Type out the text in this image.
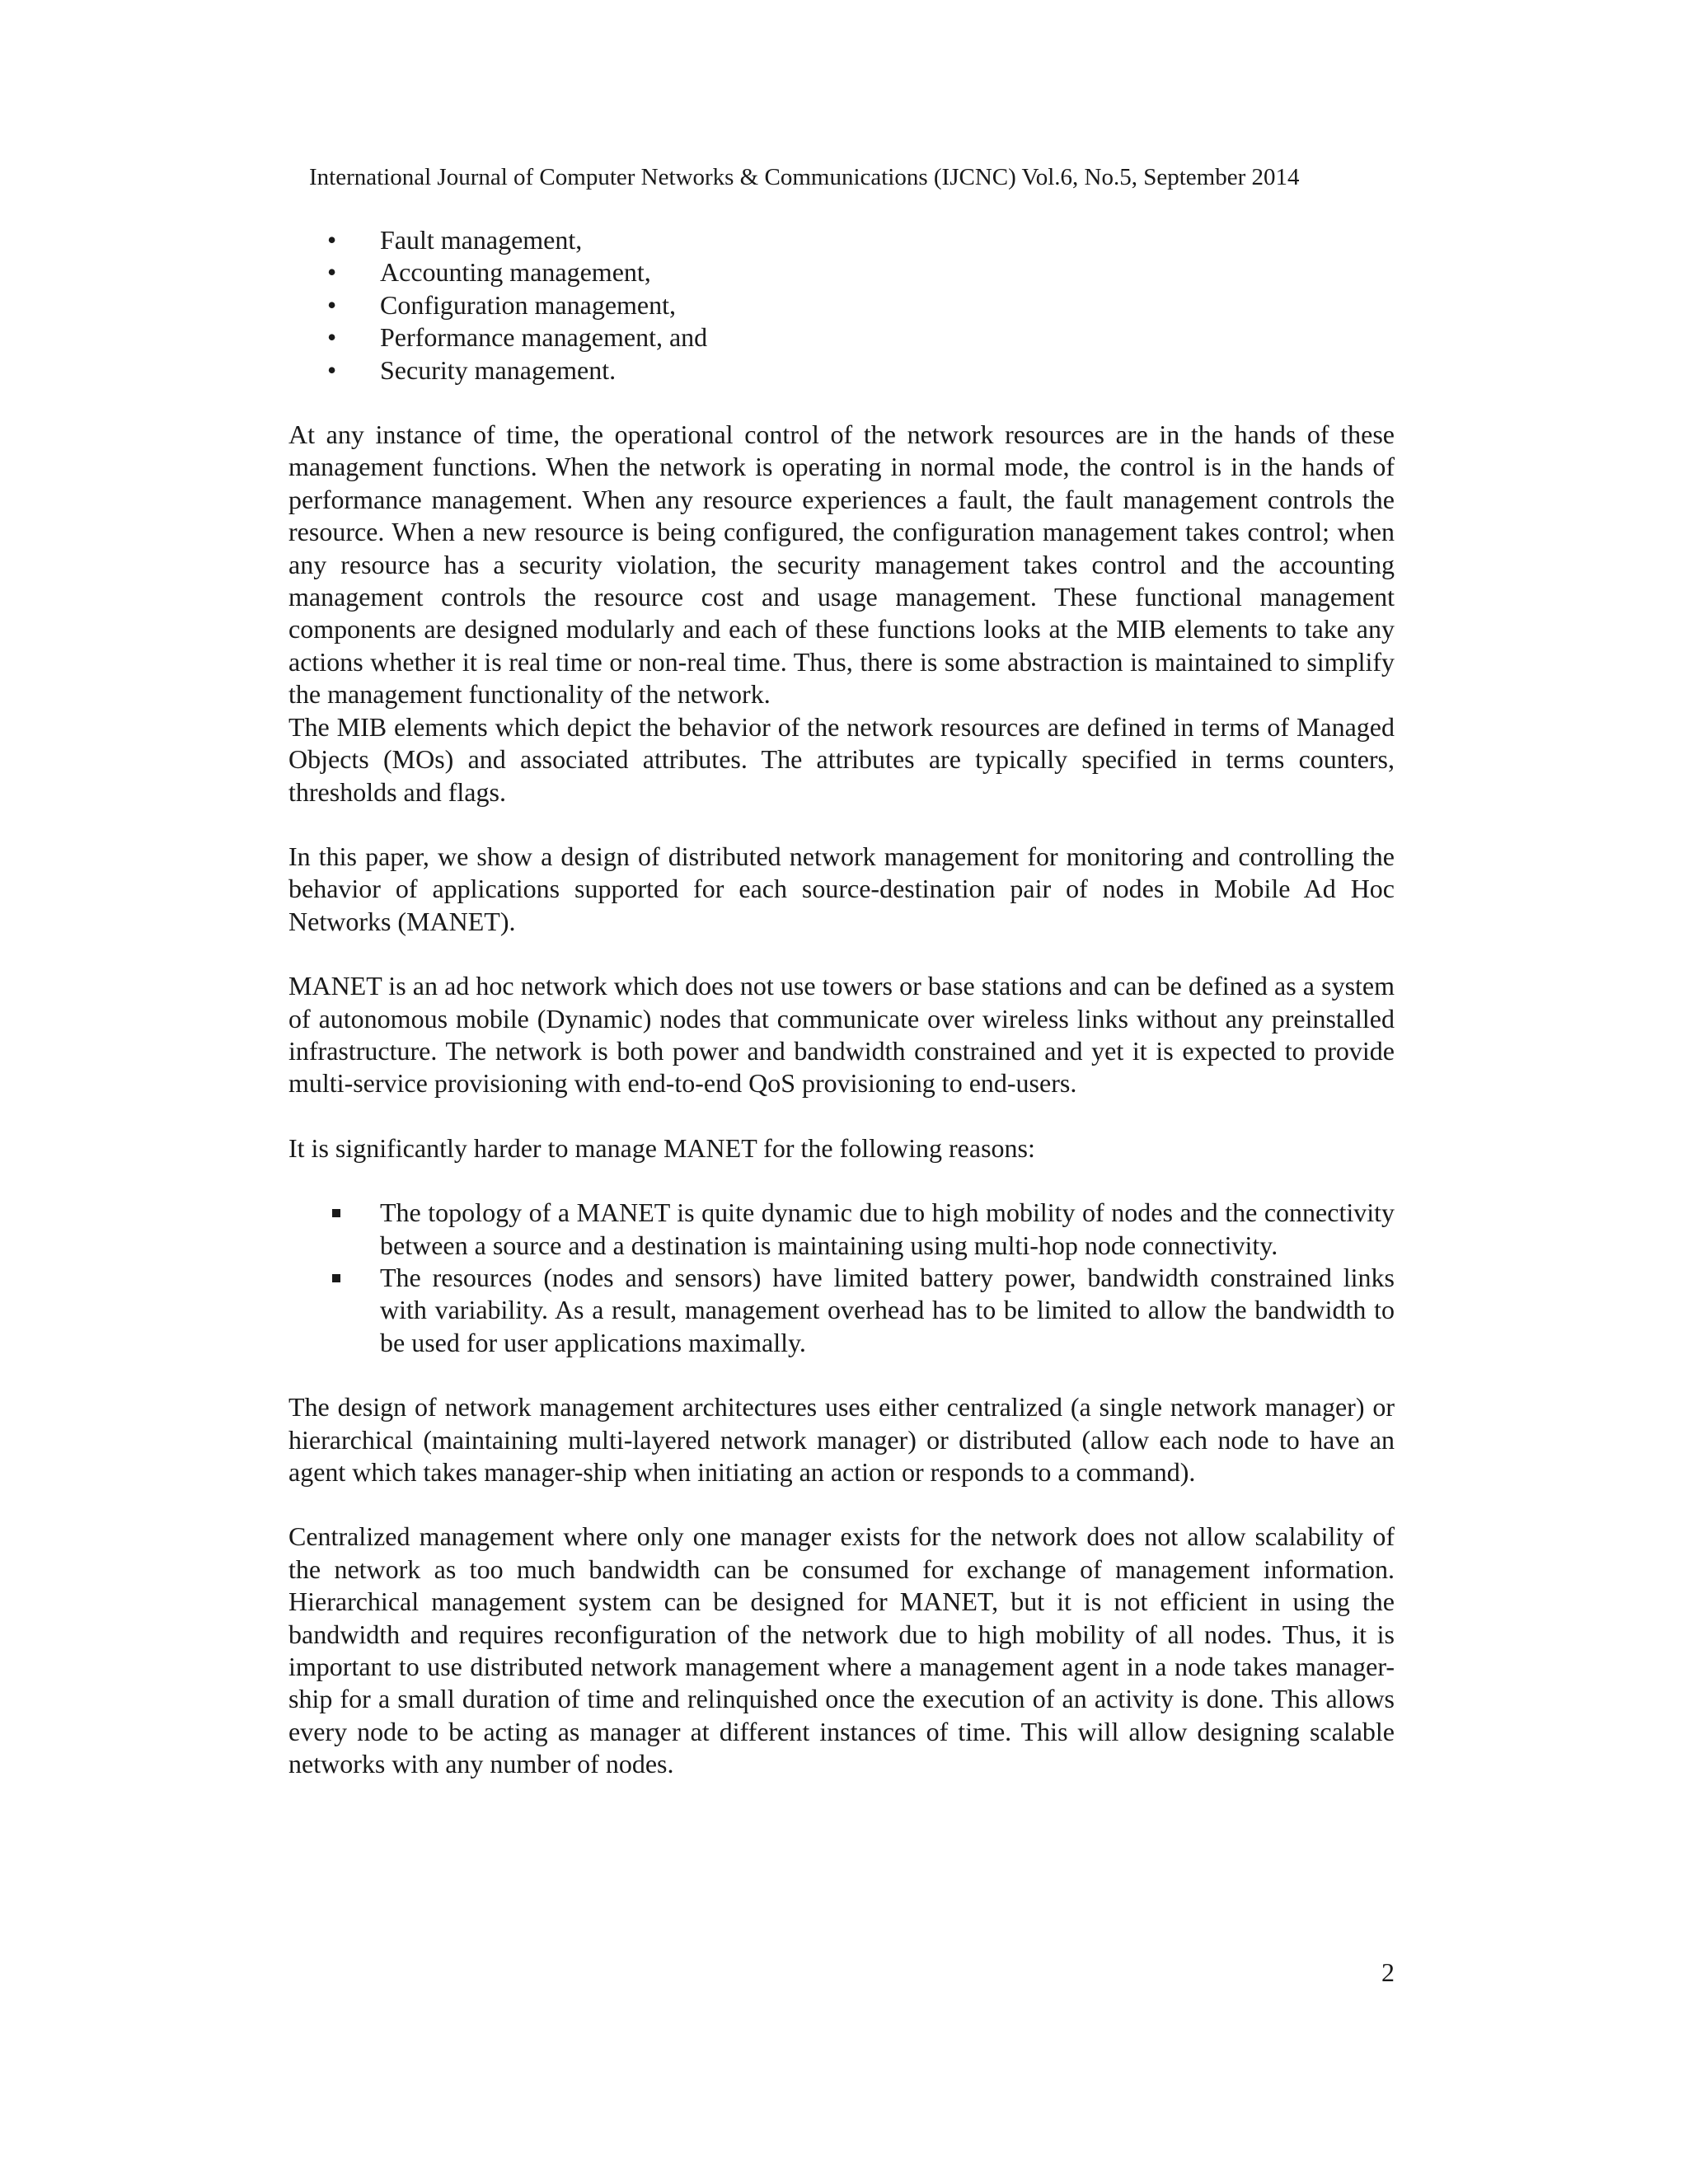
International Journal of Computer Networks & Communications (IJCNC) Vol.6, No.5, September 2014
• Fault management,
• Accounting management,
• Configuration management,
• Performance management, and
• Security management.

At any instance of time, the operational control of the network resources are in the hands of these management functions. When the network is operating in normal mode, the control is in the hands of performance management. When any resource experiences a fault, the fault management controls the resource. When a new resource is being configured, the configuration management takes control; when any resource has a security violation, the security management takes control and the accounting management controls the resource cost and usage management. These functional management components are designed modularly and each of these functions looks at the MIB elements to take any actions whether it is real time or non-real time. Thus, there is some abstraction is maintained to simplify the management functionality of the network.

The MIB elements which depict the behavior of the network resources are defined in terms of Managed Objects (MOs) and associated attributes. The attributes are typically specified in terms counters, thresholds and flags.

In this paper, we show a design of distributed network management for monitoring and controlling the behavior of applications supported for each source-destination pair of nodes in Mobile Ad Hoc Networks (MANET).

MANET is an ad hoc network which does not use towers or base stations and can be defined as a system of autonomous mobile (Dynamic) nodes that communicate over wireless links without any preinstalled infrastructure. The network is both power and bandwidth constrained and yet it is expected to provide multi-service provisioning with end-to-end QoS provisioning to end-users.

It is significantly harder to manage MANET for the following reasons:

The topology of a MANET is quite dynamic due to high mobility of nodes and the connectivity between a source and a destination is maintaining using multi-hop node connectivity.
The resources (nodes and sensors) have limited battery power, bandwidth constrained links with variability. As a result, management overhead has to be limited to allow the bandwidth to be used for user applications maximally.

The design of network management architectures uses either centralized (a single network manager) or hierarchical (maintaining multi-layered network manager) or distributed (allow each node to have an agent which takes manager-ship when initiating an action or responds to a command).

Centralized management where only one manager exists for the network does not allow scalability of the network as too much bandwidth can be consumed for exchange of management information. Hierarchical management system can be designed for MANET, but it is not efficient in using the bandwidth and requires reconfiguration of the network due to high mobility of all nodes. Thus, it is important to use distributed network management where a management agent in a node takes manager-ship for a small duration of time and relinquished once the execution of an activity is done. This allows every node to be acting as manager at different instances of time. This will allow designing scalable networks with any number of nodes.

2
